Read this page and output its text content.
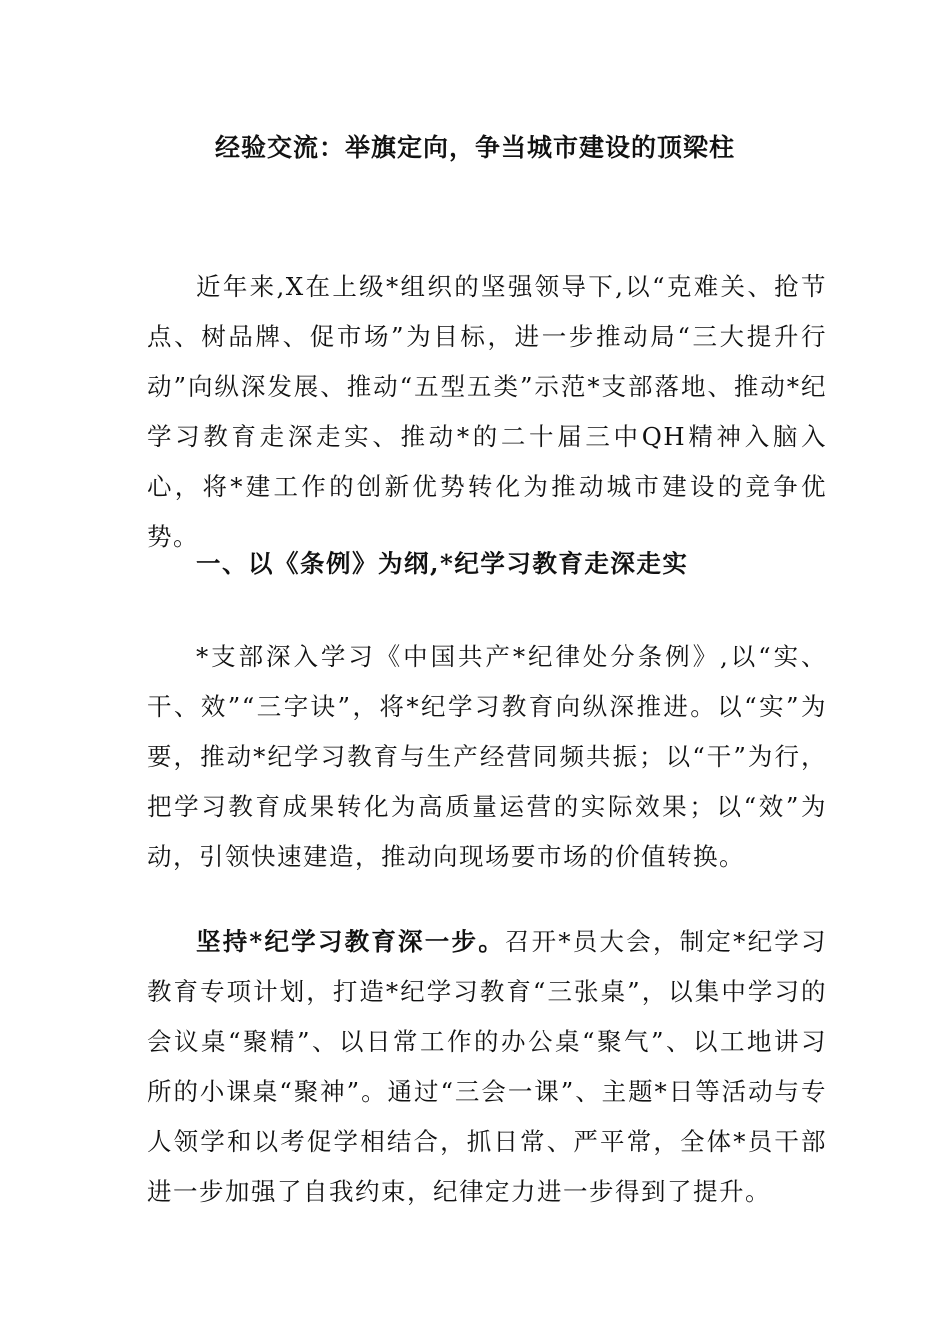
经验交流：举旗定向，争当城市建设的顶梁柱

近年来,X在上级*组织的坚强领导下,以“克难关、抢节点、树品牌、促市场”为目标，进一步推动局“三大提升行动”向纵深发展、推动“五型五类”示范*支部落地、推动*纪学习教育走深走实、推动*的二十届三中QH精神入脑入心，将*建工作的创新优势转化为推动城市建设的竞争优势。

一、以《条例》为纲,*纪学习教育走深走实

*支部深入学习《中国共产*纪律处分条例》,以“实、干、效”“三字诀”，将*纪学习教育向纵深推进。以“实”为要，推动*纪学习教育与生产经营同频共振；以“干”为行，把学习教育成果转化为高质量运营的实际效果；以“效”为动，引领快速建造，推动向现场要市场的价值转换。

坚持*纪学习教育深一步。召开*员大会，制定*纪学习教育专项计划，打造*纪学习教育“三张桌”，以集中学习的会议桌“聚精”、以日常工作的办公桌“聚气”、以工地讲习所的小课桌“聚神”。通过“三会一课”、主题*日等活动与专人领学和以考促学相结合，抓日常、严平常，全体*员干部进一步加强了自我约束，纪律定力进一步得到了提升。
